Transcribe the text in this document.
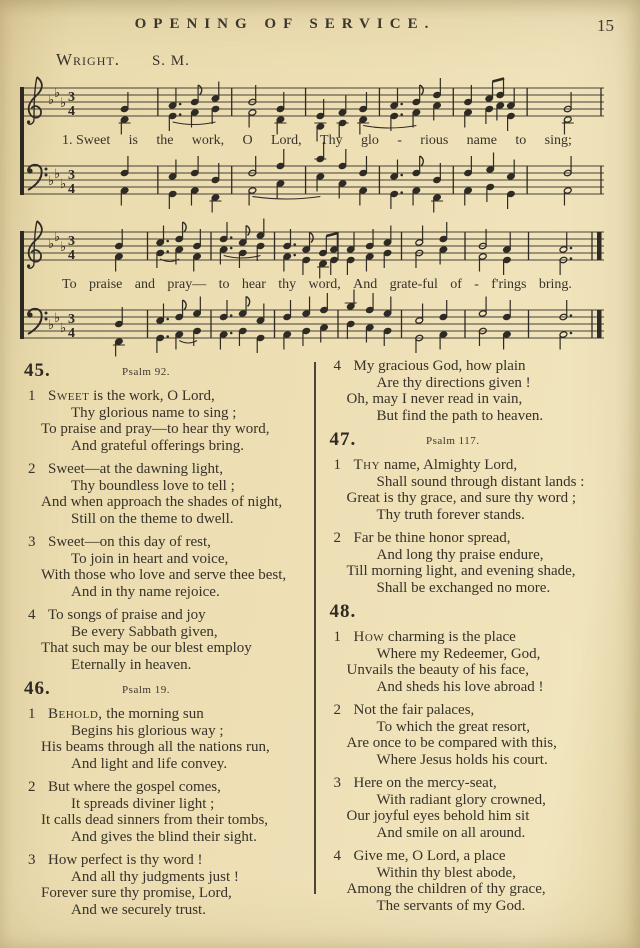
OPENING OF SERVICE.	15
Wright. S. M.
♭ ♭
♭ 3
4
1. Sweet is the work, O Lord, Thy glo - rious name to sing;
♭ ♭
♭
3
4
♭ ♭
♭ 3
4
To praise and pray— to hear thy word, And grate-ful of - f'rings bring.
♭ ♭
♭
3
4
45.	Psalm 92.
1 Sweet is the work, O Lord,
Thy glorious name to sing ;
To praise and pray—to hear thy word,
And grateful offerings bring.
2 Sweet—at the dawning light,
Thy boundless love to tell ;
And when approach the shades of night,
Still on the theme to dwell.
3 Sweet—on this day of rest,
To join in heart and voice,
With those who love and serve thee best,
And in thy name rejoice.
4 To songs of praise and joy
Be every Sabbath given,
That such may be our blest employ
Eternally in heaven.
46.	Psalm 19.
1 Behold, the morning sun
Begins his glorious way ;
His beams through all the nations run,
And light and life convey.
2 But where the gospel comes,
It spreads diviner light ;
It calls dead sinners from their tombs,
And gives the blind their sight.
3 How perfect is thy word !
And all thy judgments just !
Forever sure thy promise, Lord,
And we securely trust.
4 My gracious God, how plain
Are thy directions given !
Oh, may I never read in vain,
But find the path to heaven.
47.	Psalm 117.
1 Thy name, Almighty Lord,
Shall sound through distant lands :
Great is thy grace, and sure thy word ;
Thy truth forever stands.
2 Far be thine honor spread,
And long thy praise endure,
Till morning light, and evening shade,
Shall be exchanged no more.
48.
1 How charming is the place
Where my Redeemer, God,
Unvails the beauty of his face,
And sheds his love abroad !
2 Not the fair palaces,
To which the great resort,
Are once to be compared with this,
Where Jesus holds his court.
3 Here on the mercy-seat,
With radiant glory crowned,
Our joyful eyes behold him sit
And smile on all around.
4 Give me, O Lord, a place
Within thy blest abode,
Among the children of thy grace,
The servants of my God.
